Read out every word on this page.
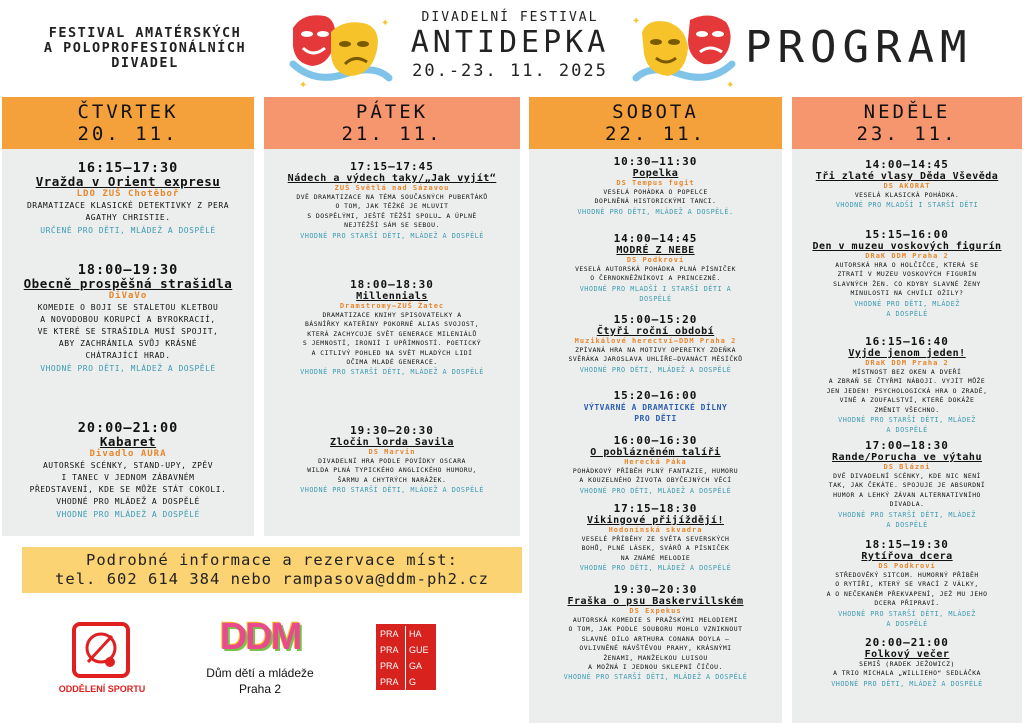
FESTIVAL AMATÉRSKÝCH
A POLOPROFESIONÁLNÍCH
DIVADEL
✦
✦	DIVADELNÍ FESTIVAL
ANTIDEPKA
20.-23. 11. 2025
✦
✦
PROGRAM
ČTVRTEK
20. 11.
PÁTEK
21. 11.
SOBOTA
22. 11.
NEDĚLE
23. 11.
16:15–17:30
Vražda v Orient expresu
LDO ZUŠ Chotěboř
DRAMATIZACE KLASICKÉ DETEKTIVKY Z PERA
AGATHY CHRISTIE.
URČENÉ PRO DĚTI, MLÁDEŽ A DOSPĚLÉ
18:00–19:30
Obecně prospěšná strašidla
DiVaVo
KOMEDIE O BOJI SE STALETOU KLETBOU
A NOVODOBOU KORUPCÍ A BYROKRACIÍ,
VE KTERÉ SE STRAŠIDLA MUSÍ SPOJIT,
ABY ZACHRÁNILA SVŮJ KRÁSNÉ
CHÁTRAJÍCÍ HRAD.
VHODNÉ PRO DĚTI, MLÁDEŽ A DOSPĚLÉ
20:00–21:00
Kabaret
Divadlo AURA
AUTORSKÉ SCÉNKY, STAND-UPY, ZPĚV
I TANEC V JEDNOM ZÁBAVNÉM
PŘEDSTAVENÍ, KDE SE MŮŽE STÁT COKOLI.
VHODNÉ PRO MLÁDEŽ A DOSPĚLÉ
VHODNÉ PRO MLÁDEŽ A DOSPĚLÉ
17:15–17:45
Nádech a výdech taky/„Jak vyjít“
ZUŠ Světlá nad Sázavou
DVĚ DRAMATIZACE NA TÉMA SOUČASNÝCH PUBERŤÁKŮ
O TOM, JAK TĚŽKÉ JE MLUVIT
S DOSPĚLÝMI, JEŠTĚ TĚŽŠÍ SPOLU… A ÚPLNĚ
NEJTĚŽŠÍ SÁM SE SEBOU.
VHODNÉ PRO STARŠÍ DĚTI, MLÁDEŽ A DOSPĚLÉ
18:00–18:30
Millennials
Dramstromy–ZUŠ Žatec
DRAMATIZACE KNIHY SPISOVATELKY A
BÁSNÍŘKY KATEŘINY POKORNÉ ALIAS SVOJOST,
KTERÁ ZACHYCUJE SVĚT GENERACE MILENIÁLŮ
S JEMNOSTÍ, IRONIÍ I UPŘÍMNOSTÍ. POETICKÝ
A CITLIVÝ POHLED NA SVĚT MLADÝCH LIDÍ
OČIMA MLADÉ GENERACE.
VHODNÉ PRO STARŠÍ DĚTI, MLÁDEŽ A DOSPĚLÉ
19:30–20:30
Zločin lorda Savila
DS Marvin
DIVADELNÍ HRA PODLE POVÍDKY OSCARA
WILDA PLNÁ TYPICKÉHO ANGLICKÉHO HUMORU,
ŠARMU A CHYTRÝCH NARÁŽEK.
VHODNÉ PRO STARŠÍ DĚTI, MLÁDEŽ A DOSPĚLÉ
10:30–11:30
Popelka
DS Tempus fugit
VESELÁ POHÁDKA O POPELCE
DOPLNĚNÁ HISTORICKÝMI TANCI.
VHODNÉ PRO DĚTI, MLÁDEŽ A DOSPĚLÉ.
14:00–14:45
MODRÉ Z NEBE
DS Podkroví
VESELÁ AUTORSKÁ POHÁDKA PLNÁ PÍSNIČEK
O ČERNOKNĚŽNÍKOVI A PRINCEZNĚ.
VHODNÉ PRO MLADŠÍ I STARŠÍ DĚTI A
DOSPĚLÉ
15:00–15:20
Čtyři roční období
Muzikálové herectví–DDM Praha 2
ZPÍVANÁ HRA NA MOTIVY OPERETKY ZDEŇKA
SVĚRÁKA JAROSLAVA UHLÍŘE–DVANÁCT MĚSÍČKŮ
VHODNÉ PRO DĚTI, MLÁDEŽ A DOSPĚLÉ
15:20–16:00
VÝTVARNÉ A DRAMATICKÉ DÍLNY
PRO DĚTI
16:00–16:30
O pobláznĕném talíři
Herecká Páka
POHÁDKOVÝ PŘÍBĚH PLNÝ FANTAZIE, HUMORU
A KOUZELNÉHO ŽIVOTA OBYČEJNÝCH VĚCÍ
VHODNÉ PRO DĚTI, MLÁDEŽ A DOSPĚLÉ
17:15–18:30
Vikingové přijíždějí!
Hodonínská skvadra
VESELÉ PŘÍBĚHY ZE SVĚTA SEVERSKÝCH
BOHŮ, PLNÉ LÁSEK, SVÁRŮ A PÍSNIČEK
NA ZNÁMÉ MELODIE
VHODNÉ PRO DĚTI, MLÁDEŽ A DOSPĚLÉ
19:30–20:30
Fraška o psu Baskervillském
DS Expekus
AUTORSKÁ KOMEDIE S PRAŽSKÝMI MELODIEMI
O TOM, JAK PODLE SOUBORU MOHLO VZNIKNOUT
SLAVNÉ DÍLO ARTHURA CONANA DOYLA –
OVLIVNĚNÉ NÁVŠTĚVOU PRAHY, KRÁSNÝMI
ŽENAMI, MANŽELKOU LUISOU
A MOŽNÁ I JEDNOU SKLEPNÍ ČÍČOU.
VHODNÉ PRO STARŠÍ DĚTI, MLÁDEŽ A DOSPĚLÉ
14:00–14:45
Tři zlaté vlasy Děda Vševěda
DS AKORAT
VESELÁ KLASICKÁ POHÁDKA.
VHODNÉ PRO MLADŠÍ I STARŠÍ DĚTI
15:15–16:00
Den v muzeu voskových figurín
DRaK DDM Praha 2
AUTORSKÁ HRA O HOLČIČCE, KTERÁ SE
ZTRATÍ V MUZEU VOSKOVÝCH FIGURÍN
SLAVNÝCH ŽEN. CO KDYBY SLAVNÉ ŽENY
MINULOSTI NA CHVÍLI OŽILY?
VHODNÉ PRO DĚTI, MLÁDEŽ
A DOSPĚLÉ
16:15–16:40
Vyjde jenom jeden!
DRaK DDM Praha 2
MÍSTNOST BEZ OKEN A DVEŘÍ
A ZBRAŇ SE ČTYŘMI NÁBOJI. VYJÍT MŮŽE
JEN JEDEN! PSYCHOLOGICKÁ HRA O ZRADĚ,
VINĚ A ZOUFALSTVÍ, KTERÉ DOKÁŽE
ZMĚNIT VŠECHNO.
VHODNÉ PRO STARŠÍ DĚTI, MLÁDEŽ
A DOSPĚLÉ
17:00–18:30
Rande/Porucha ve výtahu
DS Blázni
DVĚ DIVADELNÍ SCÉNKY, KDE NIC NENÍ
TAK, JAK ČEKÁTE. SPOJUJE JE ABSURDNÍ
HUMOR A LEHKÝ ZÁVAN ALTERNATIVNÍHO
DIVADLA.
VHODNÉ PRO STARŠÍ DĚTI, MLÁDEŽ
A DOSPĚLÉ
18:15–19:30
Rytířova dcera
DS Podkroví
STŘEDOVĚKÝ SITCOM. HUMORNÝ PŘÍBĚH
O RYTÍŘI, KTERÝ SE VRACÍ Z VÁLKY,
A O NEČEKANÉM PŘEKVAPENÍ, JEŽ MU JEHO
DCERA PŘIPRAVÍ.
VHODNÉ PRO STARŠÍ DĚTI, MLÁDEŽ
A DOSPĚLÉ
20:00–21:00
Folkový večer
SEMIŠ (RADEK JEŽOWICZ)
A TRIO MICHALA „WILLIEHO“ SEDLÁČKA
VHODNÉ PRO DĚTI, MLÁDEŽ A DOSPĚLÉ
Podrobné informace a rezervace míst:
tel. 602 614 384 nebo rampasova@ddm-ph2.cz
ODDĚLENÍ SPORTU
DDM
Dům dětí a mládeže
Praha 2
PRA	HA
PRA	GUE
PRA	GA
PRA	G
